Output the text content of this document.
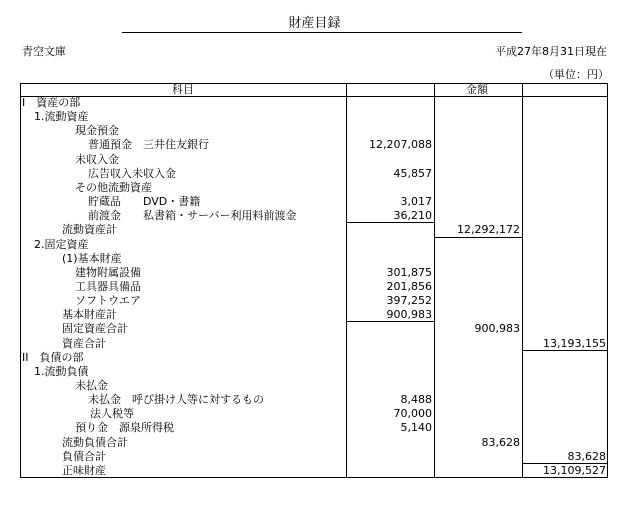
財産目録
青空文庫	平成27年8月31日現在
（単位：円）
科目	金額
I　資産の部
1.流動資産
現金預金
普通預金　三井住友銀行	12,207,088
未収入金
広告収入未収入金	45,857
その他流動資産
貯蔵品　　DVD・書籍	3,017
前渡金　　私書箱・サーバー利用料前渡金	36,210
流動資産計	12,292,172
2.固定資産
(1)基本財産
建物附属設備	301,875
工具器具備品	201,856
ソフトウエア	397,252
基本財産計	900,983
固定資産合計	900,983
資産合計	13,193,155
II　負債の部
1.流動負債
未払金
未払金　呼び掛け人等に対するもの	8,488
法人税等	70,000
預り金　源泉所得税	5,140
流動負債合計	83,628
負債合計	83,628
正味財産	13,109,527
